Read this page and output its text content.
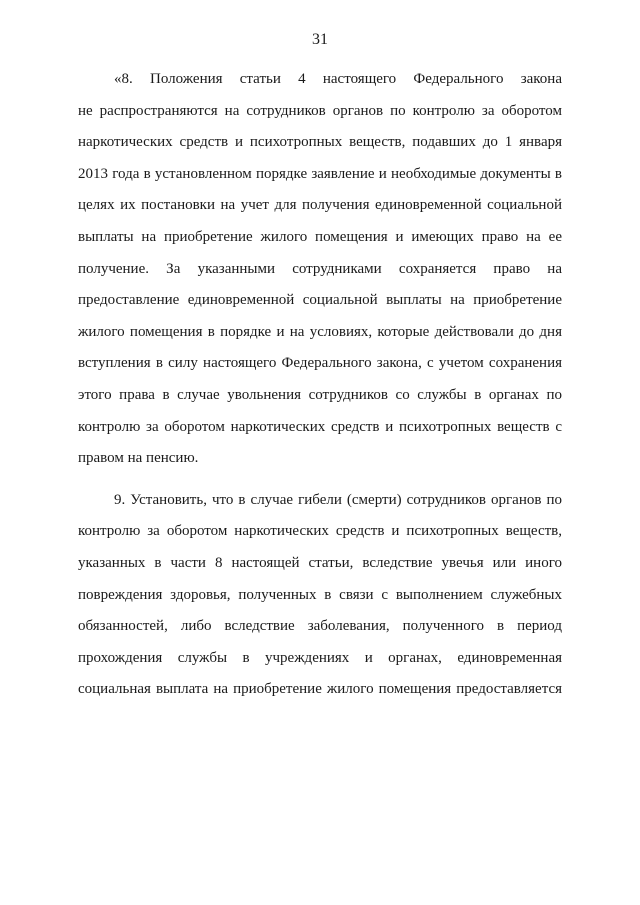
31
«8. Положения статьи 4 настоящего Федерального закона
не распространяются на сотрудников органов по контролю за оборотом
наркотических средств и психотропных веществ, подавших до 1 января
2013 года в установленном порядке заявление и необходимые документы в
целях их постановки на учет для получения единовременной социальной
выплаты на приобретение жилого помещения и имеющих право на ее
получение. За указанными сотрудниками сохраняется право на
предоставление единовременной социальной выплаты на приобретение
жилого помещения в порядке и на условиях, которые действовали до дня
вступления в силу настоящего Федерального закона, с учетом сохранения
этого права в случае увольнения сотрудников со службы в органах по
контролю за оборотом наркотических средств и психотропных веществ с
правом на пенсию.
9. Установить, что в случае гибели (смерти) сотрудников органов по
контролю за оборотом наркотических средств и психотропных веществ,
указанных в части 8 настоящей статьи, вследствие увечья или иного
повреждения здоровья, полученных в связи с выполнением служебных
обязанностей, либо вследствие заболевания, полученного в период
прохождения службы в учреждениях и органах, единовременная
социальная выплата на приобретение жилого помещения предоставляется
